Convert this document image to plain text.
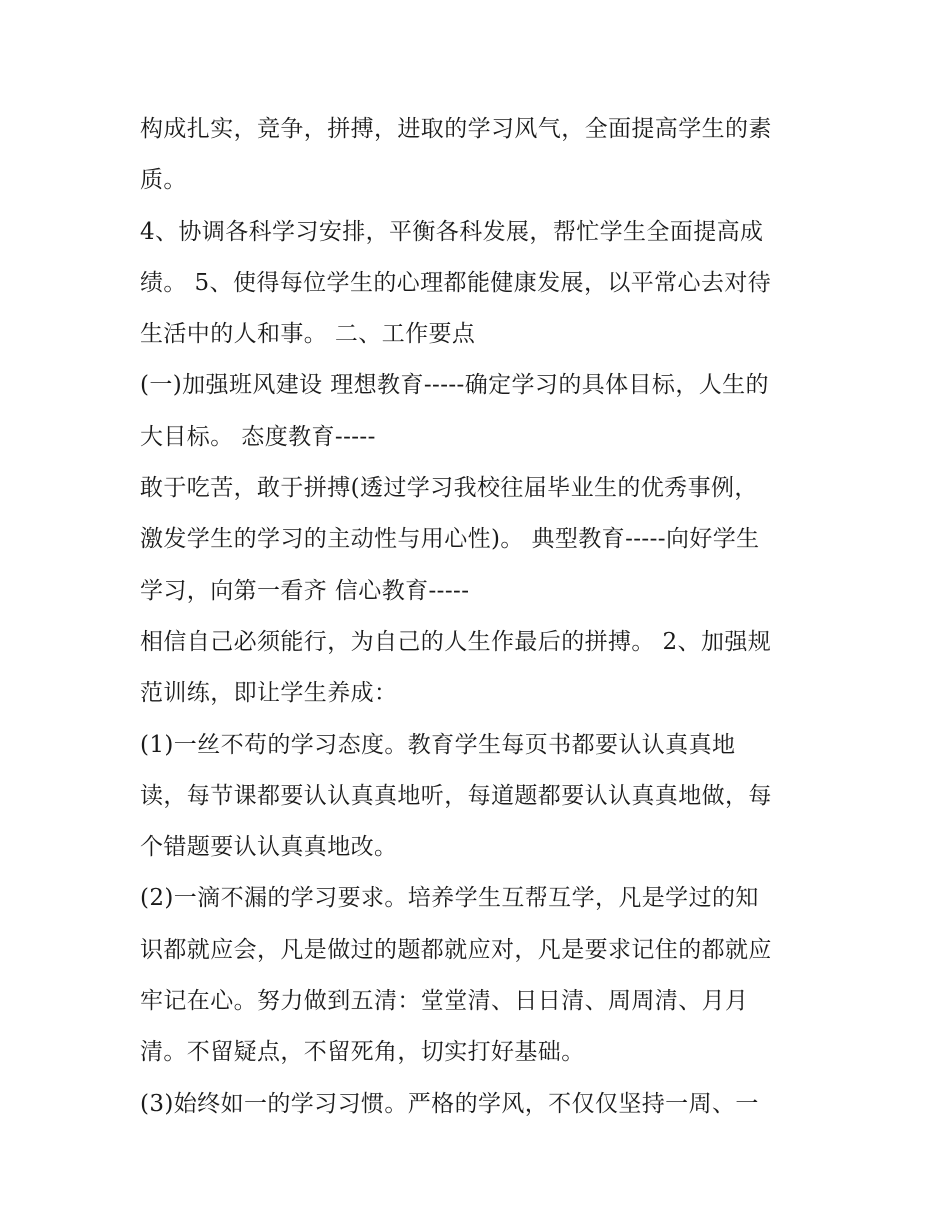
构成扎实，竞争，拼搏，进取的学习风气，全面提高学生的素
质。
4、协调各科学习安排，平衡各科发展，帮忙学生全面提高成
绩。 5、使得每位学生的心理都能健康发展，以平常心去对待
生活中的人和事。 二、工作要点
(一)加强班风建设 理想教育-----确定学习的具体目标，人生的
大目标。 态度教育-----
敢于吃苦，敢于拼搏(透过学习我校往届毕业生的优秀事例，
激发学生的学习的主动性与用心性)。 典型教育-----向好学生
学习，向第一看齐 信心教育-----
相信自己必须能行，为自己的人生作最后的拼搏。 2、加强规
范训练，即让学生养成：
(1)一丝不苟的学习态度。教育学生每页书都要认认真真地
读，每节课都要认认真真地听，每道题都要认认真真地做，每
个错题要认认真真地改。
(2)一滴不漏的学习要求。培养学生互帮互学，凡是学过的知
识都就应会，凡是做过的题都就应对，凡是要求记住的都就应
牢记在心。努力做到五清：堂堂清、日日清、周周清、月月
清。不留疑点，不留死角，切实打好基础。
(3)始终如一的学习习惯。严格的学风，不仅仅坚持一周、一
